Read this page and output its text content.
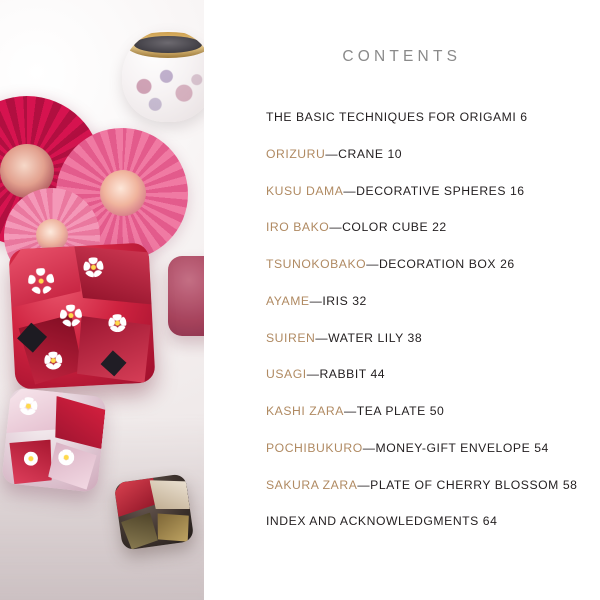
CONTENTS
THE BASIC TECHNIQUES FOR ORIGAMI 6
ORIZURU—CRANE 10
KUSU DAMA—DECORATIVE SPHERES 16
IRO BAKO—COLOR CUBE 22
TSUNOKOBAKO—DECORATION BOX 26
AYAME—IRIS 32
SUIREN—WATER LILY 38
USAGI—RABBIT 44
KASHI ZARA—TEA PLATE 50
POCHIBUKURO—MONEY-GIFT ENVELOPE 54
SAKURA ZARA—PLATE OF CHERRY BLOSSOM 58
INDEX AND ACKNOWLEDGMENTS 64
